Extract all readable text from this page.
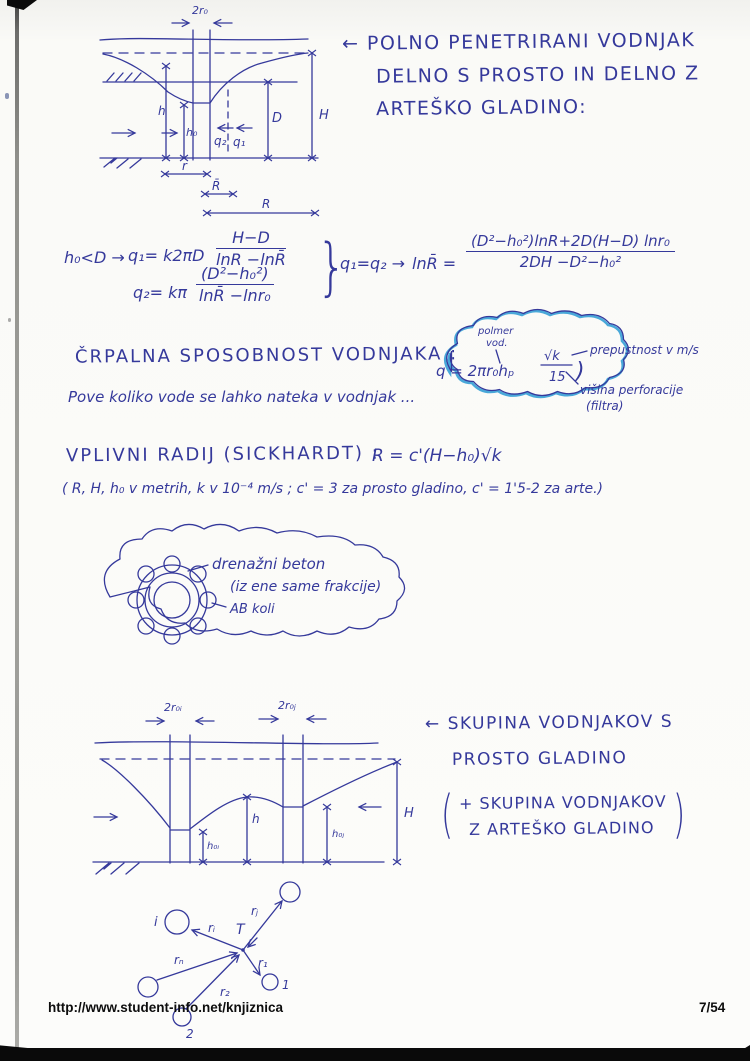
2r₀
h
h₀
q₂ q₁
D	H
r
R̄
R
← POLNO PENETRIRANI VODNJAK
DELNO S PROSTO IN DELNO Z
ARTEŠKO GLADINO:
$h_0<D \to q_1= k2\pi D \frac{H-D}{\ln R -\ln R̄}$
q₂= kπ $\frac{\text{(D²−h₀²)}}{\text{lnR̄ −lnr₀}}$ }
q₁=q₂ → lnR̄ = $\frac{\text{(D²−h₀²)lnR+2D(H−D) lnr₀}}{\text{2DH −D²−h₀²}}$
ČRPALNA SPOSOBNOST VODNJAKA :
Pove koliko vode se lahko nateka v vodnjak ...
polmer
vod.
q = 2πr₀hₚ
√k
15 )
prepustnost v m/s
višina perforacije
(filtra)
VPLIVNI RADIJ (SICKHARDT) :
R = c'(H−h₀)√k
( R, H, h₀ v metrih, k v 10⁻⁴ m/s ; c' = 3 za prosto gladino, c' = 1'5-2 za arte.)
drenažni beton
(iz ene same frakcije)
AB koli
2r₀ᵢ	2r₀ⱼ
h
h₀ᵢ
h₀ⱼ
H
← SKUPINA VODNJAKOV S
PROSTO GLADINO
( + SKUPINA VODNJAKOV
Z ARTEŠKO GLADINO )
i	T
rᵢ
rⱼ
rₙ	r₁
1
r₂
2
http://www.student-info.net/knjiznica	7/54
